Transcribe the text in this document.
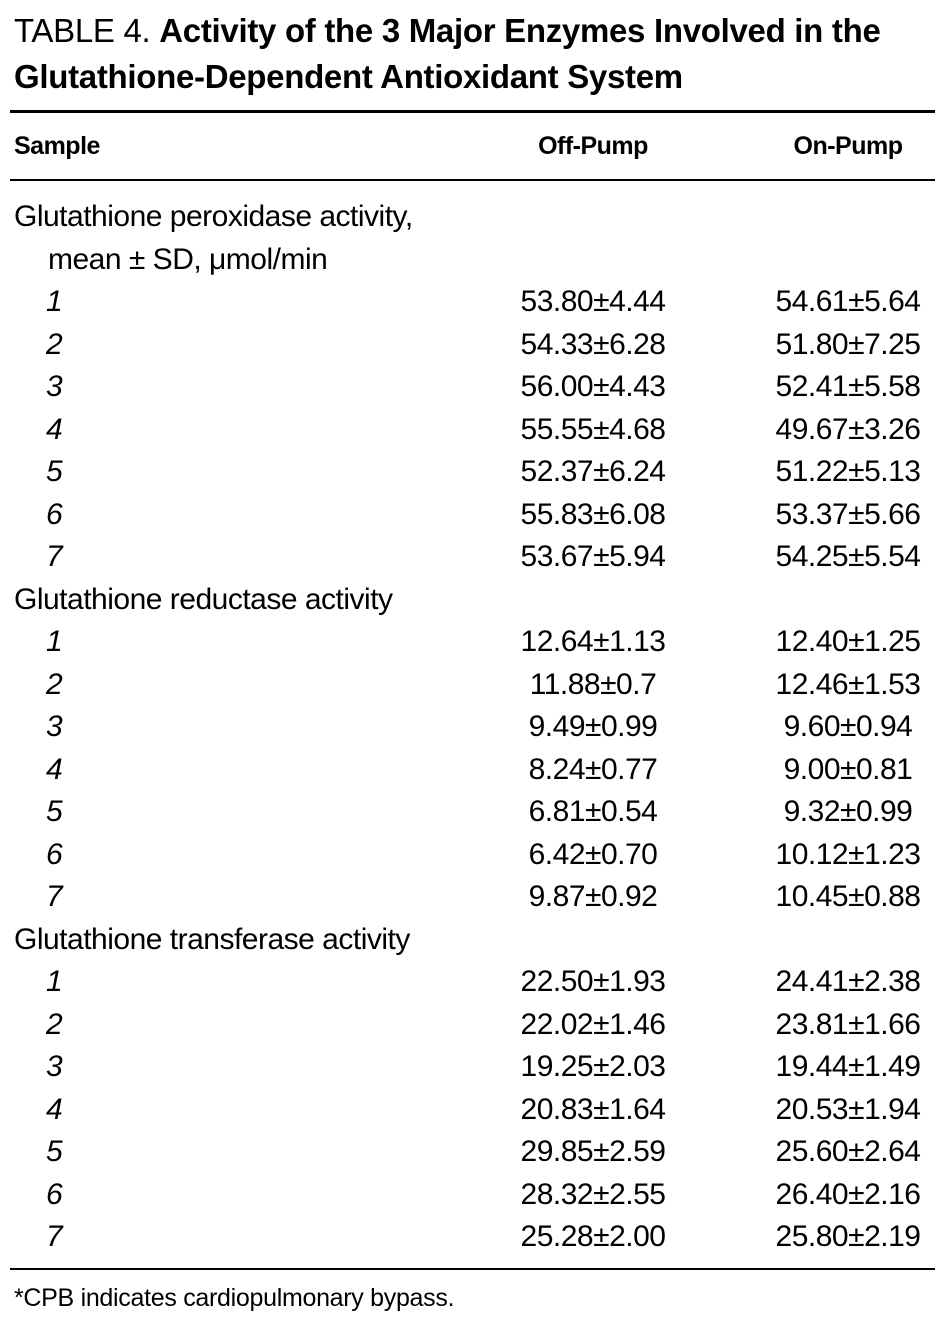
TABLE 4. Activity of the 3 Major Enzymes Involved in the Glutathione-Dependent Antioxidant System
Sample	Off-Pump	On-Pump
Glutathione peroxidase activity,
mean ± SD, μmol/min
1	53.80±4.44	54.61±5.64
2	54.33±6.28	51.80±7.25
3	56.00±4.43	52.41±5.58
4	55.55±4.68	49.67±3.26
5	52.37±6.24	51.22±5.13
6	55.83±6.08	53.37±5.66
7	53.67±5.94	54.25±5.54
Glutathione reductase activity
1	12.64±1.13	12.40±1.25
2	11.88±0.7	12.46±1.53
3	9.49±0.99	9.60±0.94
4	8.24±0.77	9.00±0.81
5	6.81±0.54	9.32±0.99
6	6.42±0.70	10.12±1.23
7	9.87±0.92	10.45±0.88
Glutathione transferase activity
1	22.50±1.93	24.41±2.38
2	22.02±1.46	23.81±1.66
3	19.25±2.03	19.44±1.49
4	20.83±1.64	20.53±1.94
5	29.85±2.59	25.60±2.64
6	28.32±2.55	26.40±2.16
7	25.28±2.00	25.80±2.19
*CPB indicates cardiopulmonary bypass.
